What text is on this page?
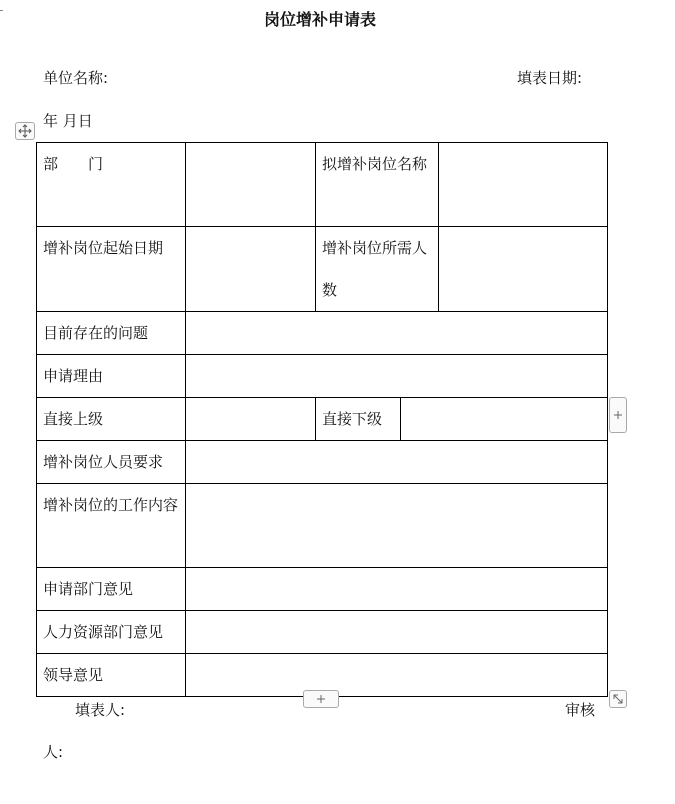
岗位增补申请表
单位名称:	填表日期:
年 月日
部　　门		拟增补岗位名称		
增补岗位起始日期		增补岗位所需人数		
目前存在的问题				
申请理由				
直接上级		直接下级		
增补岗位人员要求				
增补岗位的工作内容				
申请部门意见				
人力资源部门意见				
领导意见				
填表人:	审核
人:
